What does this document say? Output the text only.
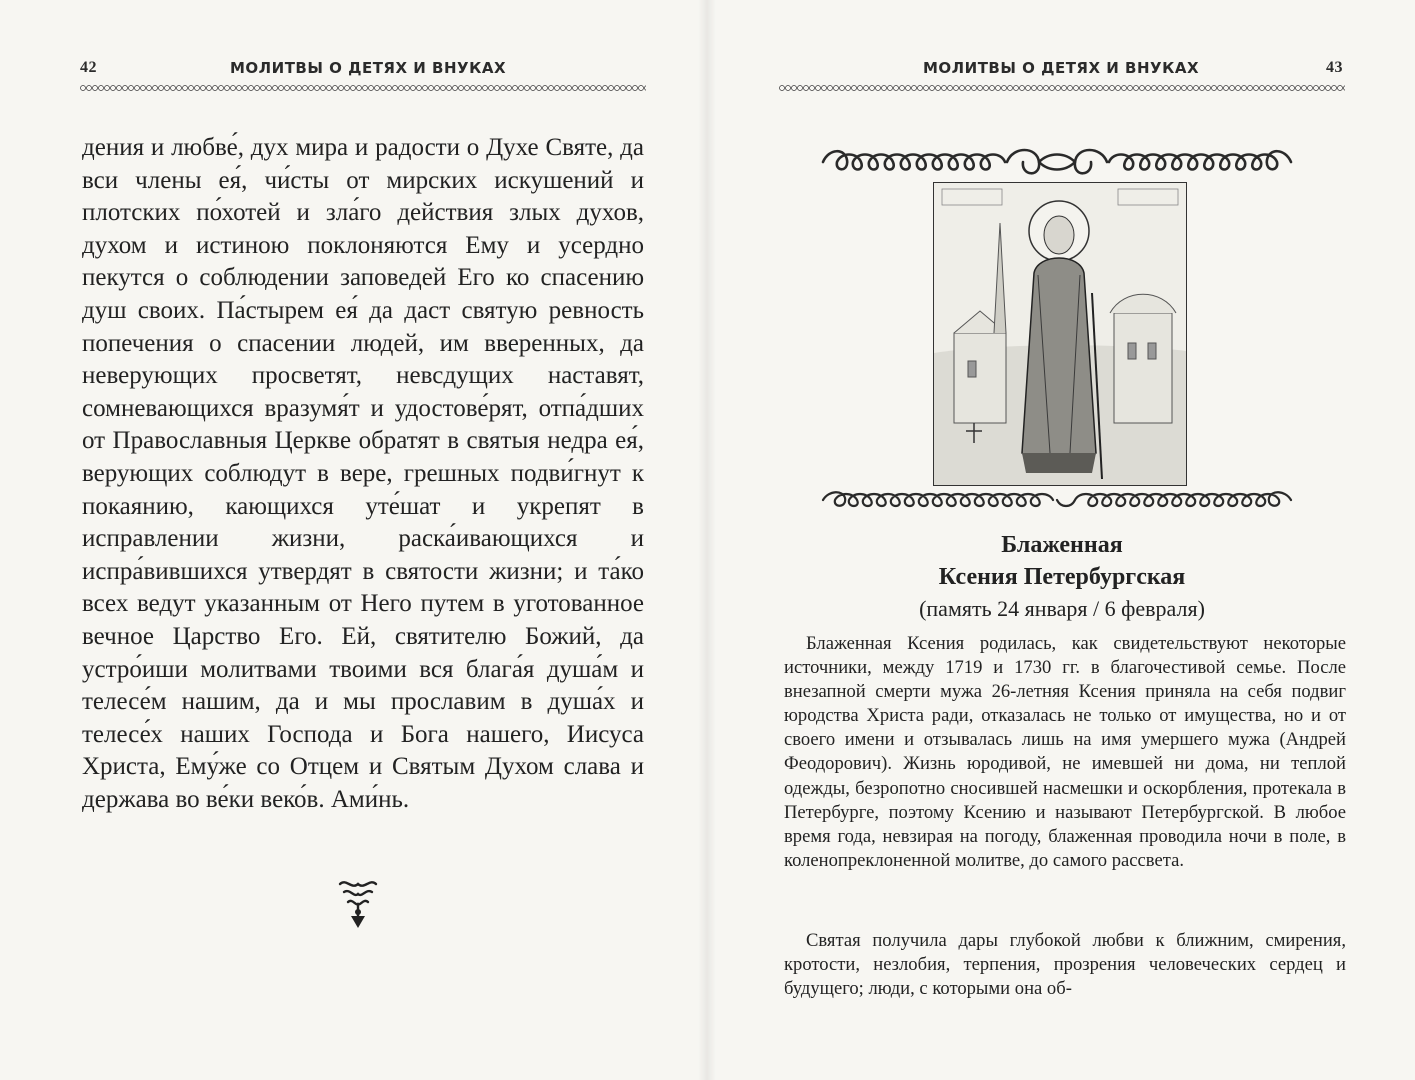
42	МОЛИТВЫ О ДЕТЯХ И ВНУКАХ

дения и любве́, дух мира и радости о Духе Святе, да вси члены ея́, чи́сты от мирских искушений и плотских по́хотей и зла́го действия злых духов, духом и истиною поклоняются Ему и усердно пекутся о соблюдении заповедей Его ко спасению душ своих. Па́стырем ея́ да даст святую ревность попечения о спасении людей, им вверенных, да неверующих просветят, невсдущих наставят, сомневающихся вразумя́т и удостове́рят, отпа́дших от Православныя Церкве обратят в святыя недра ея́, верующих соблюдут в вере, грешных подви́гнут к покаянию, кающихся уте́шат и укрепят в исправлении жизни, раска́ивающихся и испра́вившихся утвердят в святости жизни; и та́ко всех ведут указанным от Него путем в уготованное вечное Царство Его. Ей, святителю Божий, да устро́иши молитвами твоими вся блага́я душа́м и телесе́м нашим, да и мы прославим в душа́х и телесе́х наших Господа и Бога нашего, Иисуса Христа, Ему́же со Отцем и Святым Духом слава и держава во ве́ки веко́в. Ами́нь.

МОЛИТВЫ О ДЕТЯХ И ВНУКАХ	43

Блаженная

Ксения Петербургская

(память 24 января / 6 февраля)

Блаженная Ксения родилась, как свидетельствуют некоторые источники, между 1719 и 1730 гг. в благочестивой семье. После внезапной смерти мужа 26-летняя Ксения приняла на себя подвиг юродства Христа ради, отказалась не только от имущества, но и от своего имени и отзывалась лишь на имя умершего мужа (Андрей Феодорович). Жизнь юродивой, не имевшей ни дома, ни теплой одежды, безропотно сносившей насмешки и оскорбления, протекала в Петербурге, поэтому Ксению и называют Петербургской. В любое время года, невзирая на погоду, блаженная проводила ночи в поле, в коленопреклоненной молитве, до самого рассвета.

Святая получила дары глубокой любви к ближним, смирения, кротости, незлобия, терпения, прозрения человеческих сердец и будущего; люди, с которыми она об-
